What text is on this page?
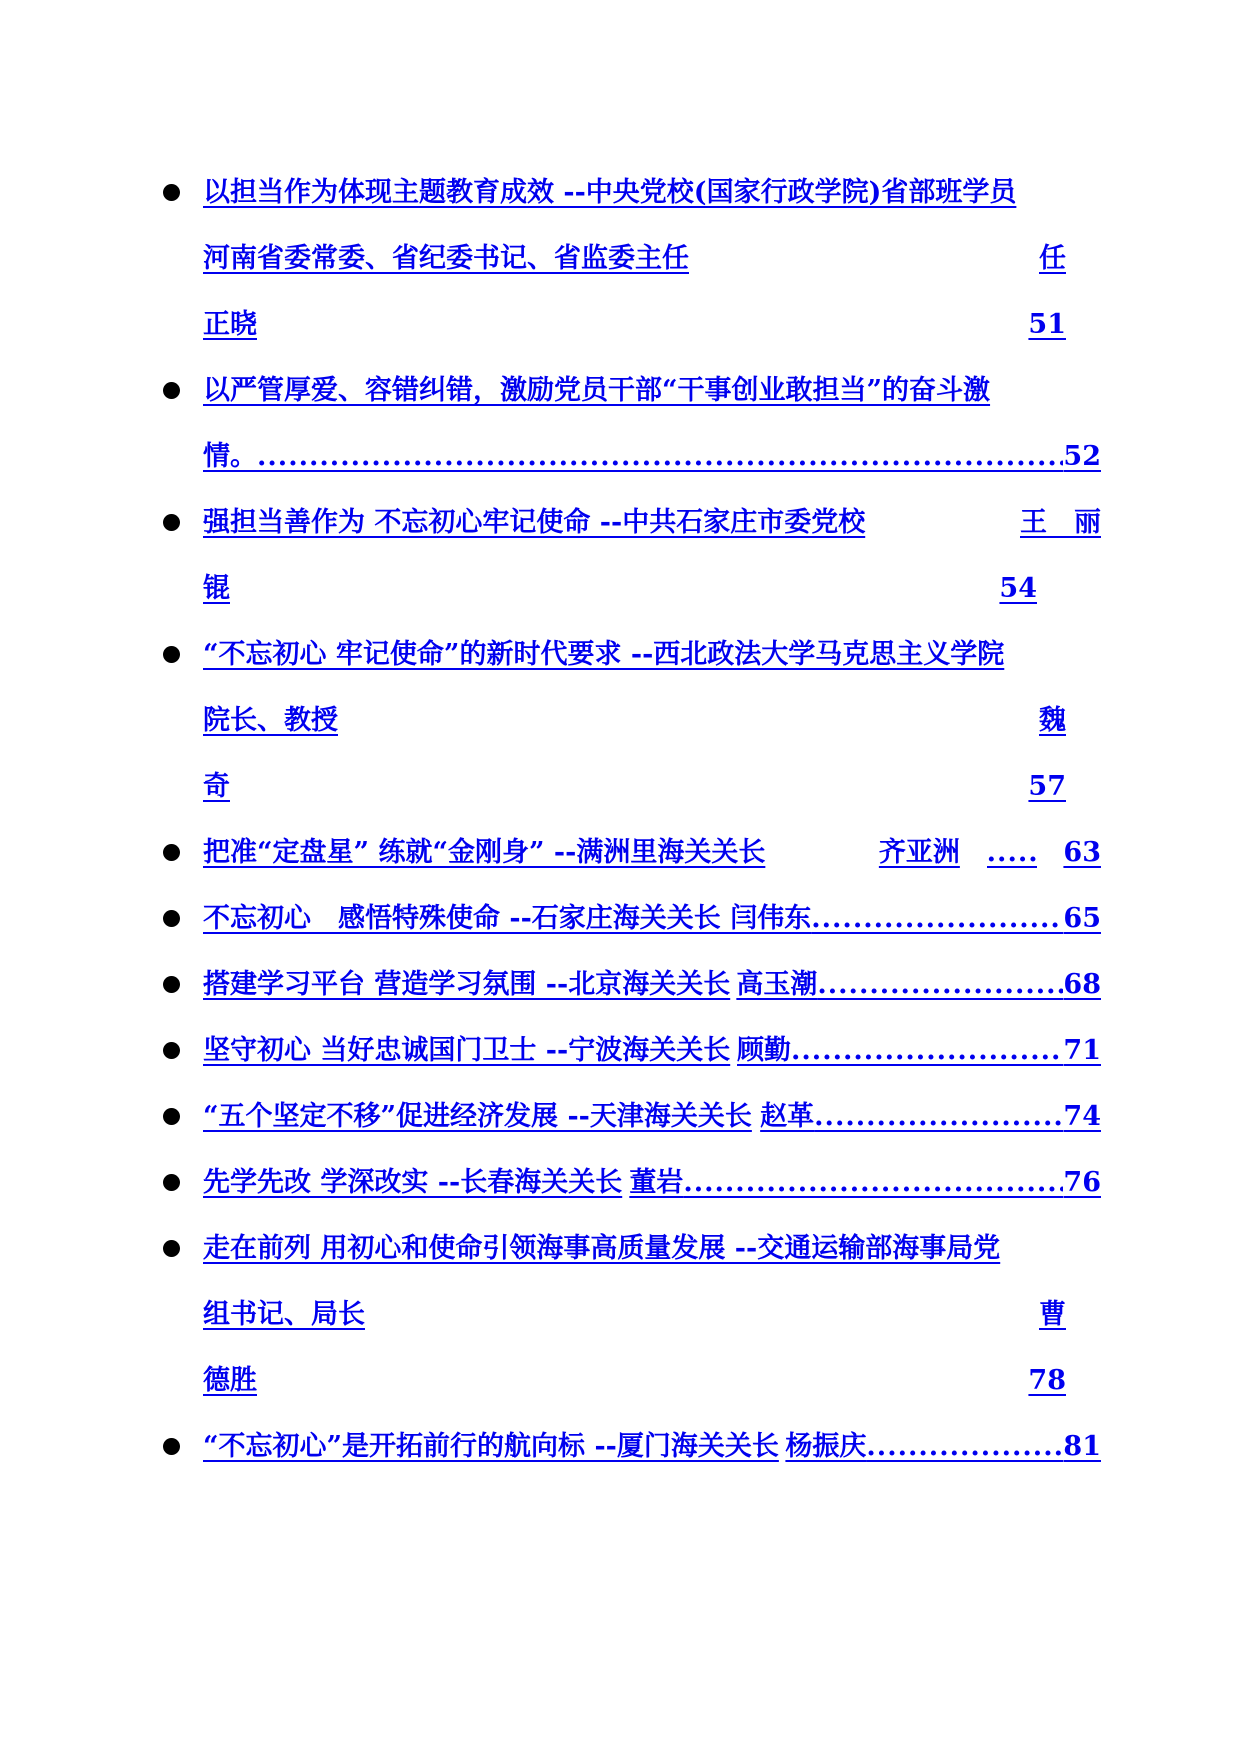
以担当作为体现主题教育成效 --中央党校(国家行政学院)省部班学员
河南省委常委、省纪委书记、省监委主任	任
正晓	51
以严管厚爱、容错纠错，激励党员干部“干事创业敢担当”的奋斗激
情。 .....	52
强担当善作为 不忘初心牢记使命 --中共石家庄市委党校	王　丽
锟	54
“不忘初心 牢记使命”的新时代要求 --西北政法大学马克思主义学院
院长、教授	魏
奇	57
把准“定盘星” 练就“金刚身” --满洲里海关关长	齐亚洲 .....	63
不忘初心　感悟特殊使命 --石家庄海关关长 闫伟东 .....	65
搭建学习平台 营造学习氛围 --北京海关关长 高玉潮 .....	68
坚守初心 当好忠诚国门卫士 --宁波海关关长 顾勤 .....	71
“五个坚定不移”促进经济发展 --天津海关关长 赵革 .....	74
先学先改 学深改实 --长春海关关长 董岩 .....	76
走在前列 用初心和使命引领海事高质量发展 --交通运输部海事局党
组书记、局长	曹
德胜	78
“不忘初心”是开拓前行的航向标 --厦门海关关长 杨振庆 .....	81
